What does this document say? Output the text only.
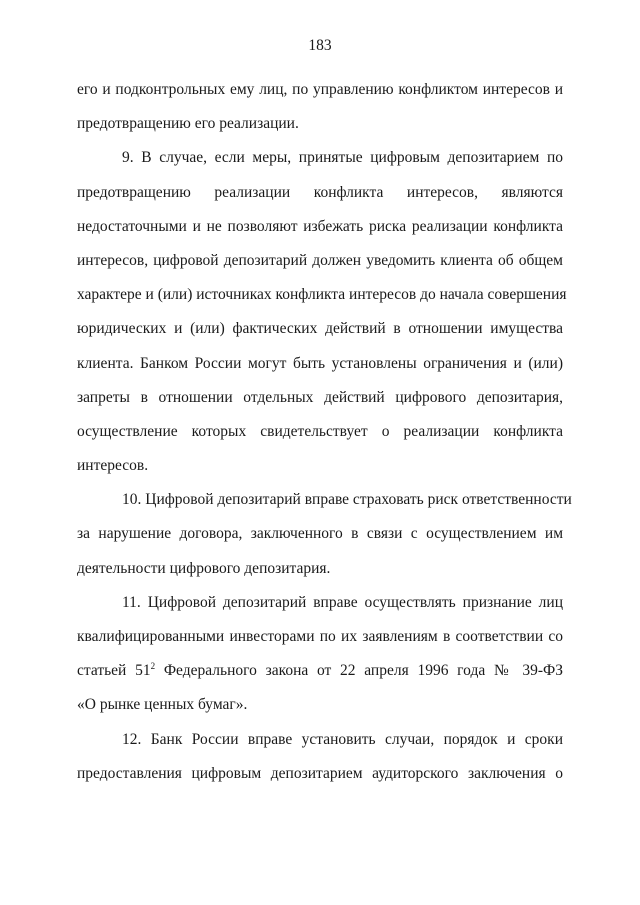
183
его и подконтрольных ему лиц, по управлению конфликтом интересов и
предотвращению его реализации.
9. В случае, если меры, принятые цифровым депозитарием по
предотвращению реализации конфликта интересов, являются
недостаточными и не позволяют избежать риска реализации конфликта
интересов, цифровой депозитарий должен уведомить клиента об общем
характере и (или) источниках конфликта интересов до начала совершения
юридических и (или) фактических действий в отношении имущества
клиента. Банком России могут быть установлены ограничения и (или)
запреты в отношении отдельных действий цифрового депозитария,
осуществление которых свидетельствует о реализации конфликта
интересов.
10. Цифровой депозитарий вправе страховать риск ответственности
за нарушение договора, заключенного в связи с осуществлением им
деятельности цифрового депозитария.
11. Цифровой депозитарий вправе осуществлять признание лиц
квалифицированными инвесторами по их заявлениям в соответствии со
статьей $51^2$ Федерального закона от 22 апреля 1996 года № 39-ФЗ
«О рынке ценных бумаг».
12. Банк России вправе установить случаи, порядок и сроки
предоставления цифровым депозитарием аудиторского заключения о
